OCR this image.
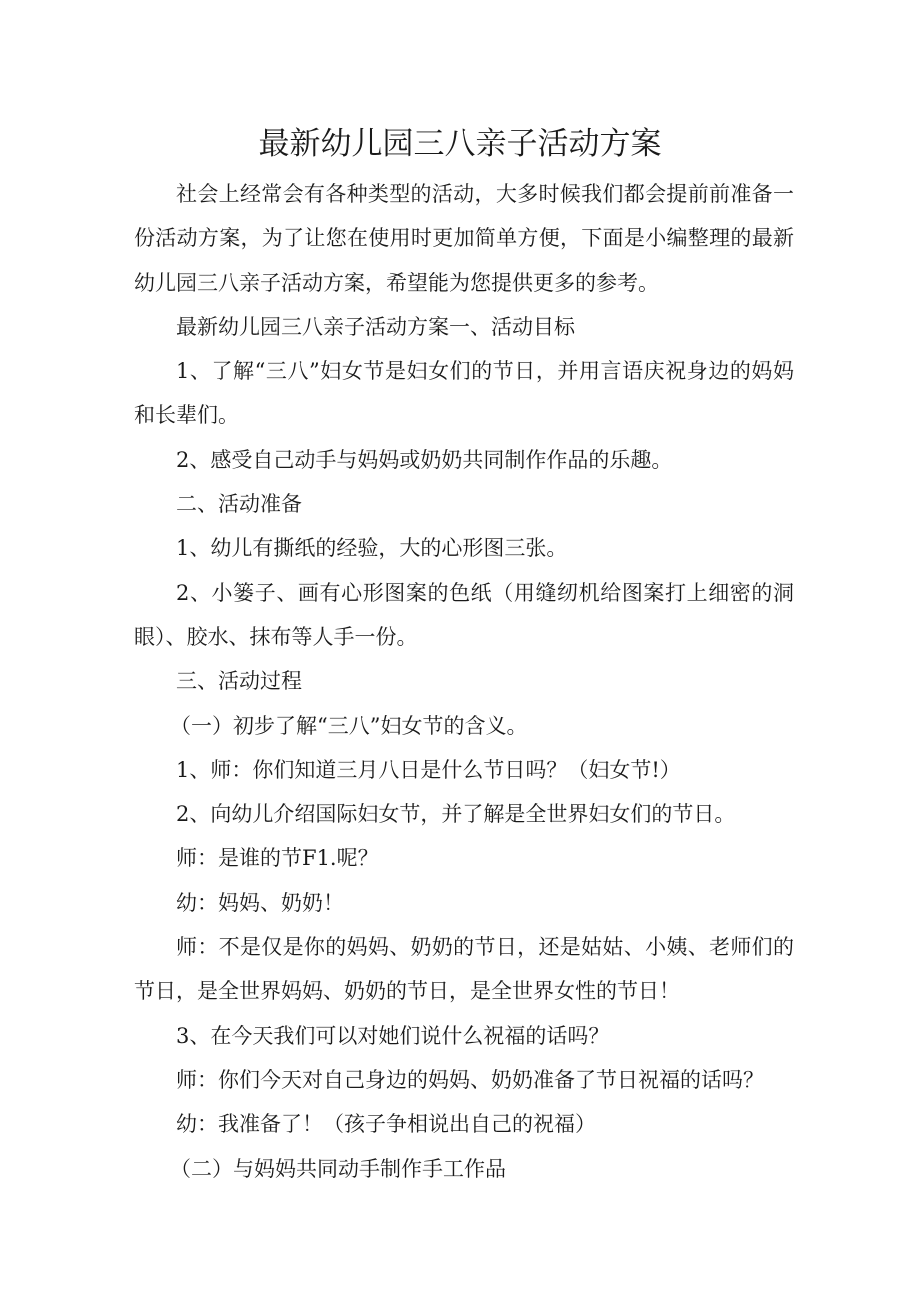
最新幼儿园三八亲子活动方案

社会上经常会有各种类型的活动，大多时候我们都会提前前准备一份活动方案，为了让您在使用时更加简单方便，下面是小编整理的最新幼儿园三八亲子活动方案，希望能为您提供更多的参考。

最新幼儿园三八亲子活动方案一、活动目标

1、了解“三八”妇女节是妇女们的节日，并用言语庆祝身边的妈妈和长辈们。

2、感受自己动手与妈妈或奶奶共同制作作品的乐趣。

二、活动准备

1、幼儿有撕纸的经验，大的心形图三张。

2、小篓子、画有心形图案的色纸（用缝纫机给图案打上细密的洞眼）、胶水、抹布等人手一份。

三、活动过程

（一）初步了解“三八”妇女节的含义。

1、师：你们知道三月八日是什么节日吗？（妇女节!）

2、向幼儿介绍国际妇女节，并了解是全世界妇女们的节日。

师：是谁的节F1.呢？

幼：妈妈、奶奶！

师：不是仅是你的妈妈、奶奶的节日，还是姑姑、小姨、老师们的节日，是全世界妈妈、奶奶的节日，是全世界女性的节日！

3、在今天我们可以对她们说什么祝福的话吗？

师：你们今天对自己身边的妈妈、奶奶准备了节日祝福的话吗？

幼：我准备了！（孩子争相说出自己的祝福）

（二）与妈妈共同动手制作手工作品
